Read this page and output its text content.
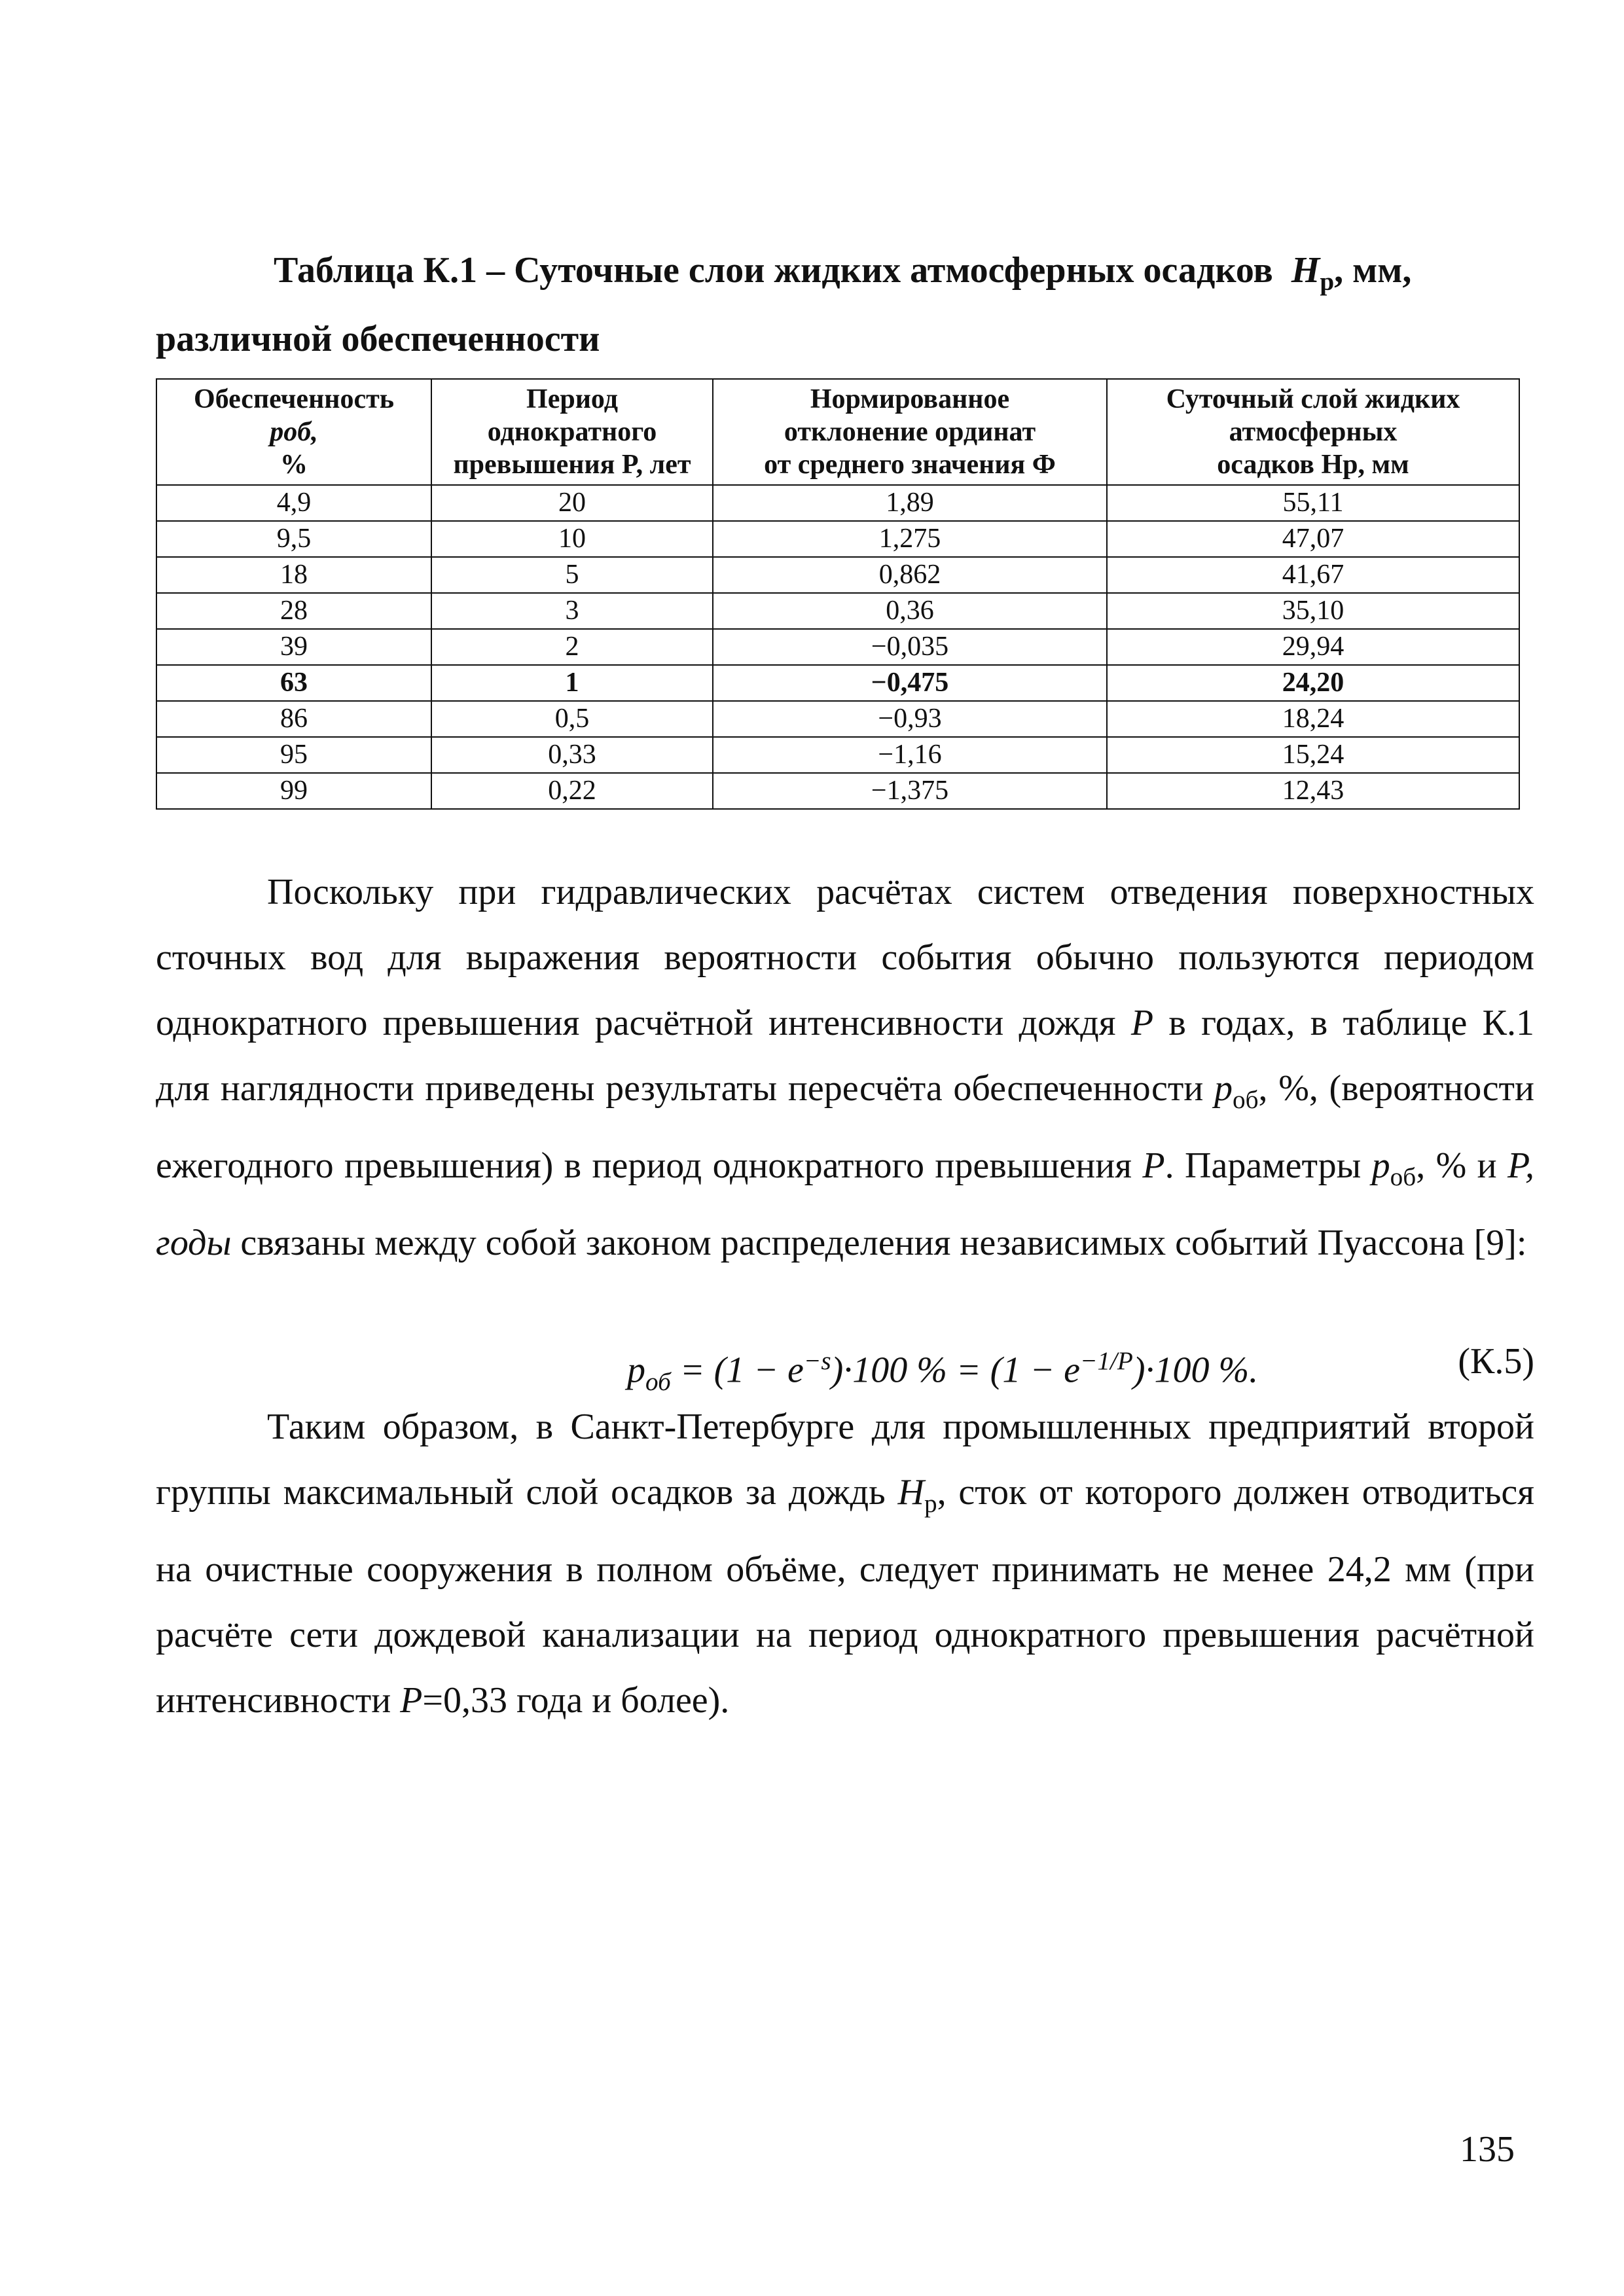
Таблица К.1 – Суточные слои жидких атмосферных осадков $H_р$, мм,
различной обеспеченности
Обеспеченность
pоб,
%	Период
однократного
превышения P, лет	Нормированное
отклонение ординат
от среднего значения Ф	Суточный слой жидких
атмосферных
осадков Hр, мм
4,9	20	1,89	55,11
9,5	10	1,275	47,07
18	5	0,862	41,67
28	3	0,36	35,10
39	2	−0,035	29,94
63	1	−0,475	24,20
86	0,5	−0,93	18,24
95	0,33	−1,16	15,24
99	0,22	−1,375	12,43
Поскольку при гидравлических расчётах систем отведения поверхностных сточных вод для выражения вероятности события обычно пользуются периодом однократного превышения расчётной интенсивности дождя P в годах, в таблице К.1 для наглядности приведены результаты пересчёта обеспеченности $p_{об}$, %, (вероятности ежегодного превышения) в период однократного превышения P. Параметры $p_{об}$, % и P, годы связаны между собой законом распределения независимых событий Пуассона [9]:
$p_{об} = (1 - e^{-s})\cdot 100$ % = $(1 - e^{-1/P})\cdot 100$ %.	(К.5)
Таким образом, в Санкт-Петербурге для промышленных предприятий второй группы максимальный слой осадков за дождь $H_p$, сток от которого должен отводиться на очистные сооружения в полном объёме, следует принимать не менее 24,2 мм (при расчёте сети дождевой канализации на период однократного превышения расчётной интенсивности P=0,33 года и более).
135
